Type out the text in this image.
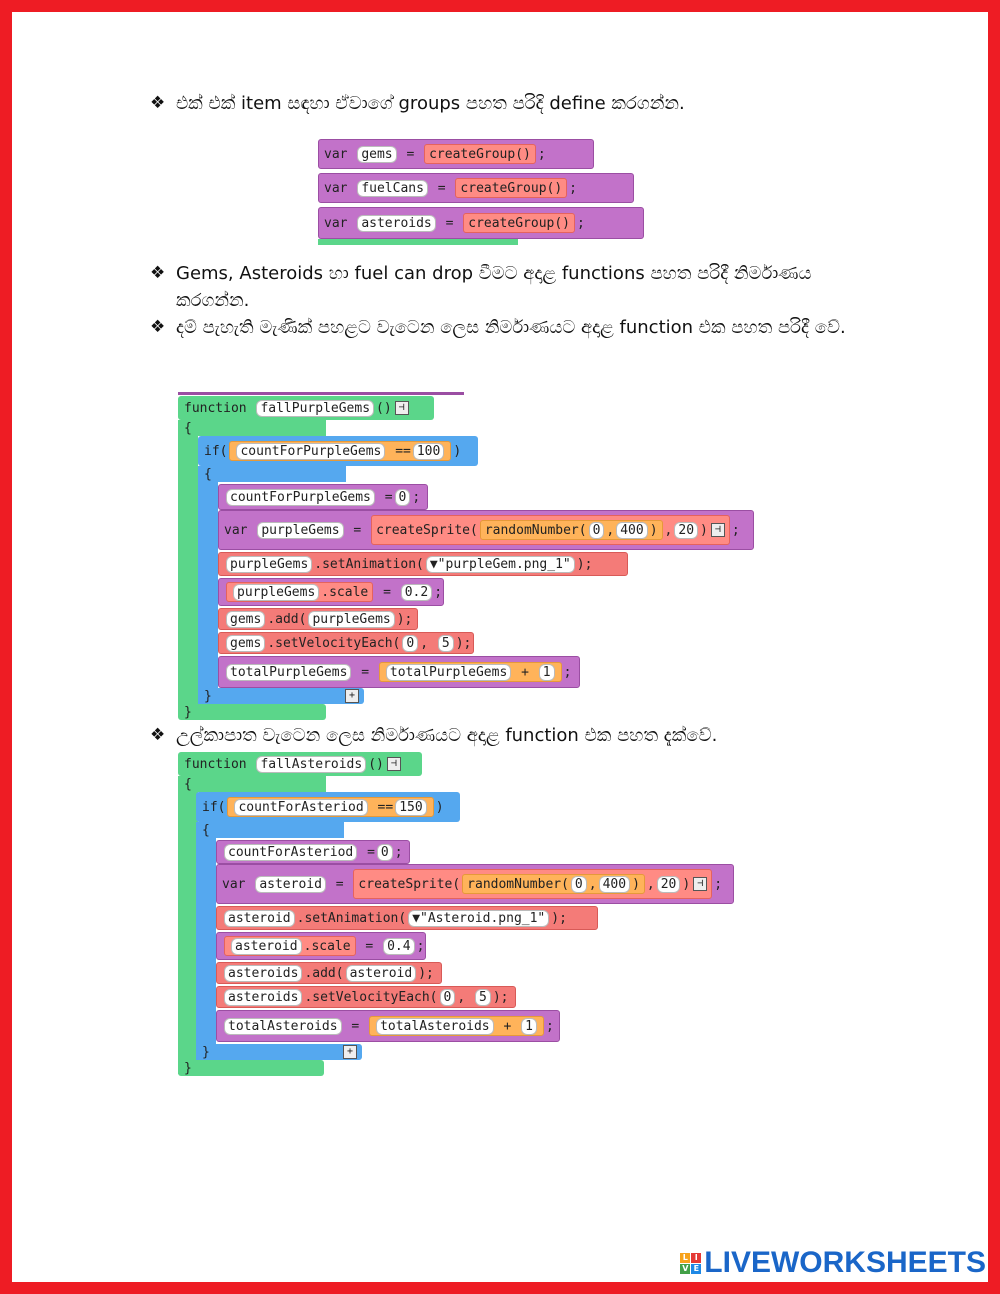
❖ එක් එක් item සඳහා ඒවාගේ groups පහත පරිදි define කරගන්න.
var
	gems
	=
	createGroup() ;
var
	fuelCans
	=
	createGroup() ;
var
	asteroids
	=
	createGroup() ;
❖ Gems, Asteroids හා fuel can drop වීමට අදාළ functions පහත පරිදී නිර්මාණය කරගන්න.
❖ දම් පැහැති මැණික් පහළට වැටෙන ලෙස නිර්මාණයට අදාළ function එක පහත පරිදී වේ.
function
	fallPurpleGems () ⊣
{
if(	countForPurpleGems
	== 100	)
{
countForPurpleGems
	= 0 ;
var
	purpleGems
	=
createSprite( randomNumber( 0 , 400 ) , 20 ) ⊣ ;
purpleGems .setAnimation( ▼"purpleGem.png_1" );
purpleGems .scale
=
	0.2 ;
gems .add( purpleGems );
gems .setVelocityEach( 0 , 5 );
totalPurpleGems
	=
	totalPurpleGems
	+
	1	;
}	+
}
❖ උල්කාපාත වැටෙන ලෙස නිර්මාණයට අදාළ function එක පහත දැක්වේ.
function
	fallAsteroids () ⊣
{
if(	countForAsteriod
	== 150	)
{
countForAsteriod
	= 0 ;
var
	asteroid
	=
createSprite( randomNumber( 0 , 400 ) , 20 ) ⊣ ;
asteroid .setAnimation( ▼"Asteroid.png_1" );
asteroid .scale
=
	0.4 ;
asteroids .add( asteroid );
asteroids .setVelocityEach( 0 , 5 );
totalAsteroids
	=
	totalAsteroids
	+
	1	;
}	+
}
L I
V E LIVEWORKSHEETS
